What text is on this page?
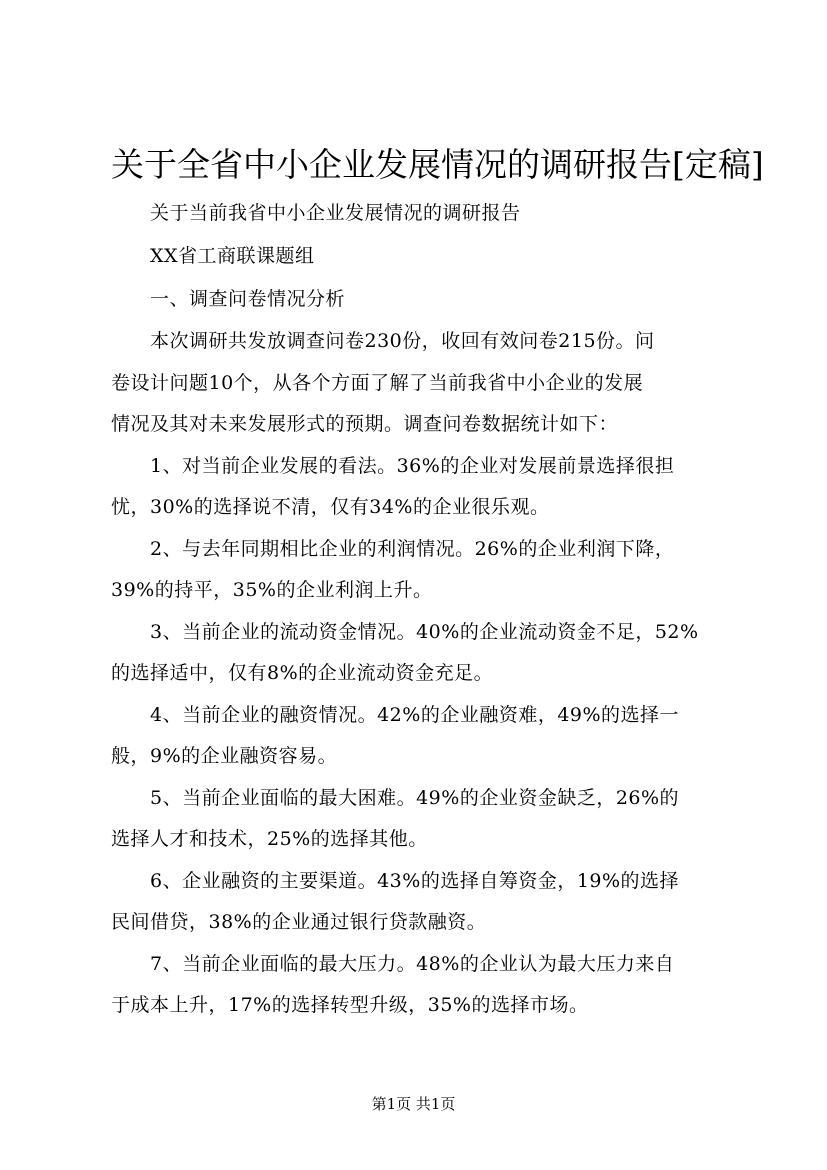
关于全省中小企业发展情况的调研报告[定稿]
关于当前我省中小企业发展情况的调研报告
XX省工商联课题组
一、调查问卷情况分析
本次调研共发放调查问卷230份，收回有效问卷215份。问
卷设计问题10个，从各个方面了解了当前我省中小企业的发展
情况及其对未来发展形式的预期。调查问卷数据统计如下：
1、对当前企业发展的看法。36%的企业对发展前景选择很担
忧，30%的选择说不清，仅有34%的企业很乐观。
2、与去年同期相比企业的利润情况。26%的企业利润下降，
39%的持平，35%的企业利润上升。
3、当前企业的流动资金情况。40%的企业流动资金不足，52%
的选择适中，仅有8%的企业流动资金充足。
4、当前企业的融资情况。42%的企业融资难，49%的选择一
般，9%的企业融资容易。
5、当前企业面临的最大困难。49%的企业资金缺乏，26%的
选择人才和技术，25%的选择其他。
6、企业融资的主要渠道。43%的选择自筹资金，19%的选择
民间借贷，38%的企业通过银行贷款融资。
7、当前企业面临的最大压力。48%的企业认为最大压力来自
于成本上升，17%的选择转型升级，35%的选择市场。
第1页 共1页
